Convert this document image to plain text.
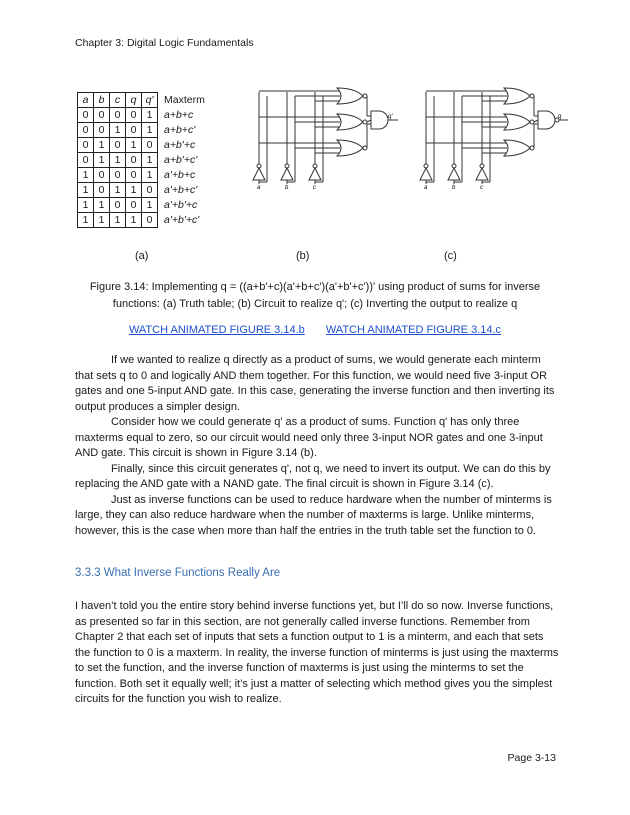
Chapter 3: Digital Logic Fundamentals
a	b	c	q	q'	Maxterm
0	0	0	0	1	a+b+c
0	0	1	0	1	a+b+c'
0	1	0	1	0	a+b'+c
0	1	1	0	1	a+b'+c'
1	0	0	0	1	a'+b+c
1	0	1	1	0	a'+b+c'
1	1	0	0	1	a'+b'+c
1	1	1	1	0	a'+b'+c'
a	b	c
q'
a	b	c
q
(a)	(b)	(c)
Figure 3.14: Implementing q = ((a+b'+c)(a'+b+c')(a'+b'+c'))' using product of sums for inverse
functions: (a) Truth table; (b) Circuit to realize q'; (c) Inverting the output to realize q
WATCH ANIMATED FIGURE 3.14.b WATCH ANIMATED FIGURE 3.14.c

If we wanted to realize q directly as a product of sums, we would generate each minterm that sets q to 0 and logically AND them together. For this function, we would need five 3-input OR gates and one 5-input AND gate. In this case, generating the inverse function and then inverting its output produces a simpler design.

Consider how we could generate q' as a product of sums. Function q' has only three maxterms equal to zero, so our circuit would need only three 3-input NOR gates and one 3-input AND gate. This circuit is shown in Figure 3.14 (b).

Finally, since this circuit generates q', not q, we need to invert its output. We can do this by replacing the AND gate with a NAND gate. The final circuit is shown in Figure 3.14 (c).

Just as inverse functions can be used to reduce hardware when the number of minterms is large, they can also reduce hardware when the number of maxterms is large. Unlike minterms, however, this is the case when more than half the entries in the truth table set the function to 0.

3.3.3 What Inverse Functions Really Are

I haven’t told you the entire story behind inverse functions yet, but I’ll do so now. Inverse functions, as presented so far in this section, are not generally called inverse functions. Remember from Chapter 2 that each set of inputs that sets a function output to 1 is a minterm, and each that sets the function to 0 is a maxterm. In reality, the inverse function of minterms is just using the maxterms to set the function, and the inverse function of maxterms is just using the minterms to set the function. Both set it equally well; it’s just a matter of selecting which method gives you the simplest circuits for the function you wish to realize.

Page 3-13
